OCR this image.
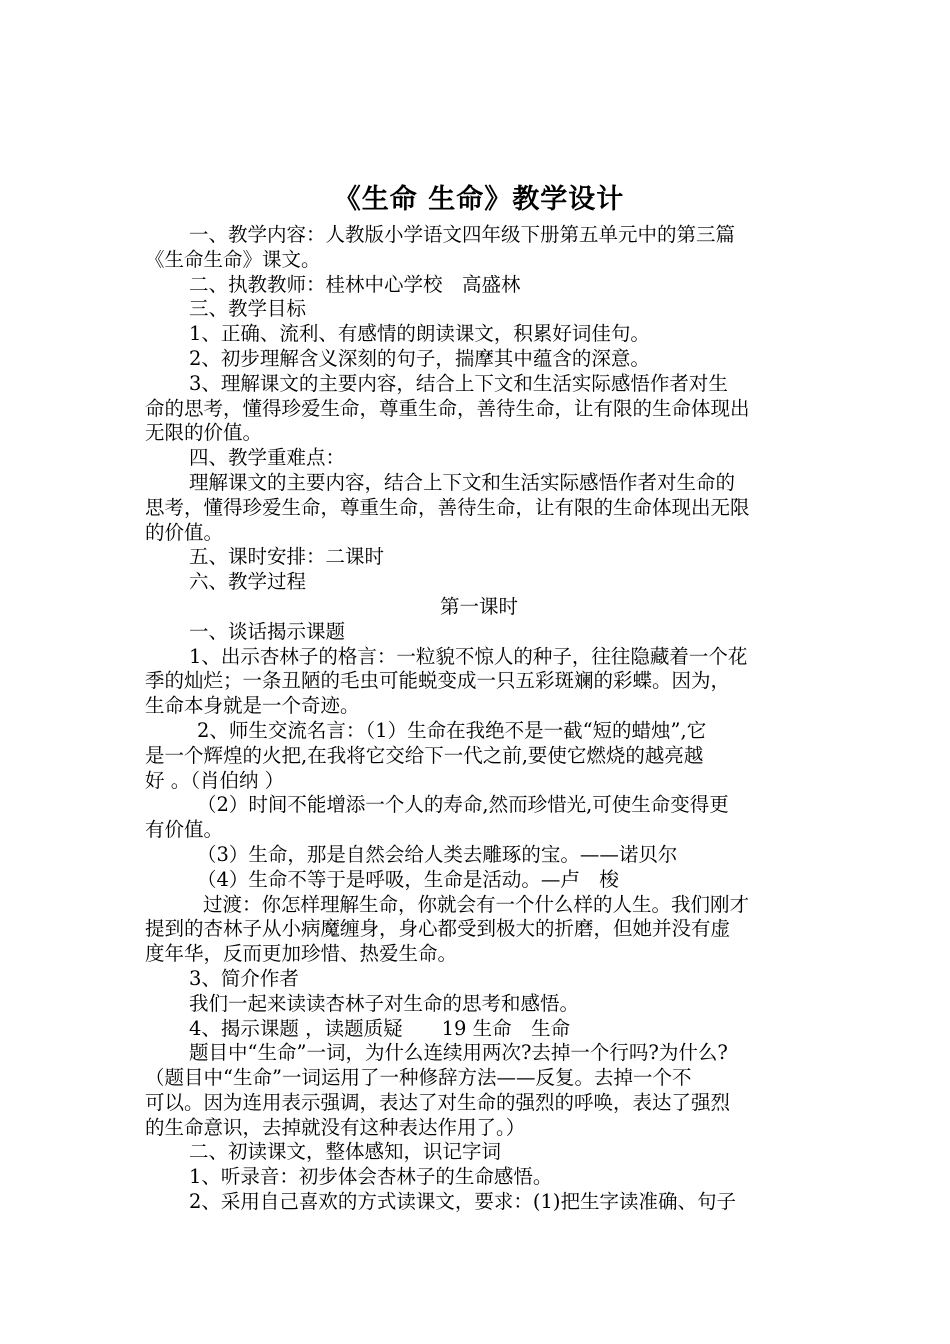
《生命 生命》教学设计
一、教学内容：人教版小学语文四年级下册第五单元中的第三篇
《生命生命》课文。
二、执教教师：桂林中心学校　高盛林
三、教学目标
1、正确、流利、有感情的朗读课文，积累好词佳句。
2、初步理解含义深刻的句子，揣摩其中蕴含的深意。
3、理解课文的主要内容，结合上下文和生活实际感悟作者对生
命的思考，懂得珍爱生命，尊重生命，善待生命，让有限的生命体现出
无限的价值。
四、教学重难点：
理解课文的主要内容，结合上下文和生活实际感悟作者对生命的
思考，懂得珍爱生命，尊重生命，善待生命，让有限的生命体现出无限
的价值。
五、课时安排：二课时
六、教学过程
第一课时
一、谈话揭示课题
1、出示杏林子的格言：一粒貌不惊人的种子，往往隐藏着一个花
季的灿烂；一条丑陋的毛虫可能蜕变成一只五彩斑斓的彩蝶。因为，
生命本身就是一个奇迹。
2、师生交流名言：（1）生命在我绝不是一截“短的蜡烛”,它
是一个辉煌的火把,在我将它交给下一代之前,要使它燃烧的越亮越
好 。（肖伯纳 ）
（2）时间不能增添一个人的寿命,然而珍惜光,可使生命变得更
有价值。
（3）生命，那是自然会给人类去雕琢的宝。——诺贝尔
（4）生命不等于是呼吸，生命是活动。—卢　梭
过渡：你怎样理解生命，你就会有一个什么样的人生。我们刚才
提到的杏林子从小病魔缠身，身心都受到极大的折磨，但她并没有虚
度年华，反而更加珍惜、热爱生命。
3、简介作者
我们一起来读读杏林子对生命的思考和感悟。
4、揭示课题 ，读题质疑　　19 生命　生命
题目中“生命”一词，为什么连续用两次?去掉一个行吗?为什么?
（题目中“生命”一词运用了一种修辞方法——反复。去掉一个不
可以。因为连用表示强调，表达了对生命的强烈的呼唤，表达了强烈
的生命意识，去掉就没有这种表达作用了。）
二、初读课文，整体感知，识记字词
1、听录音：初步体会杏林子的生命感悟。
2、采用自己喜欢的方式读课文，要求：(1)把生字读准确、句子
